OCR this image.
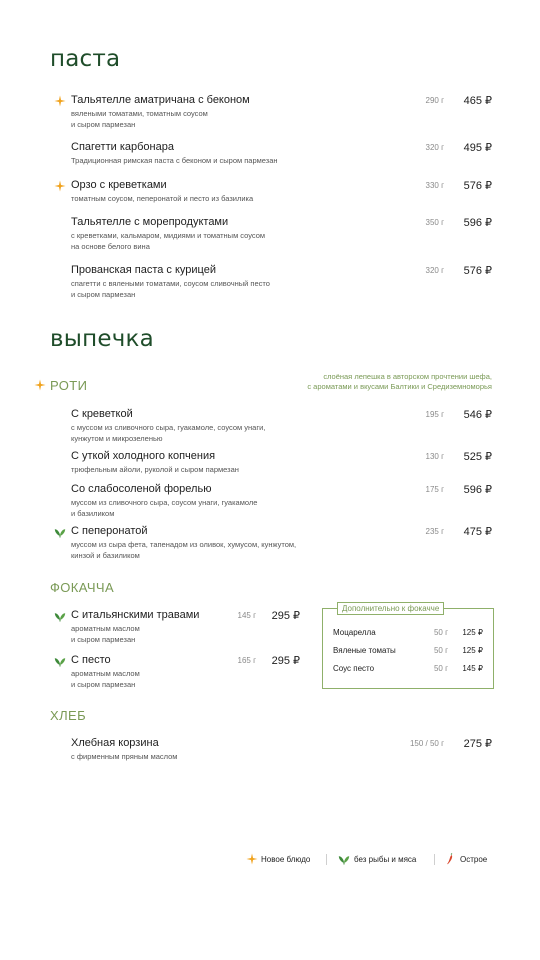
паста
Тальятелле аматричана с беконом
вялеными томатами, томатным соусом
и сыром пармезан
290 г 465 ₽
Спагетти карбонара
Традиционная римская паста с беконом и сыром пармезан
320 г 495 ₽
Орзо с креветками
томатным соусом, пеперонатой и песто из базилика
330 г 576 ₽
Тальятелле с морепродуктами
с креветками, кальмаром, мидиями и томатным соусом
на основе белого вина
350 г 596 ₽
Прованская паста с курицей
спагетти с вялеными томатами, соусом сливочный песто
и сыром пармезан
320 г 576 ₽
выпечка
РОТИ
слоёная лепешка в авторском прочтении шефа,
с ароматами и вкусами Балтики и Средиземноморья
С креветкой
с муссом из сливочного сыра, гуакамоле, соусом унаги,
кунжутом и микрозеленью
195 г 546 ₽
С уткой холодного копчения
трюфельным айоли, руколой и сыром пармезан
130 г 525 ₽
Со слабосоленой форелью
муссом из сливочного сыра, соусом унаги, гуакамоле
и базиликом
175 г 596 ₽
С пеперонатой
муссом из сыра фета, тапенадом из оливок, хумусом, кунжутом,
кинзой и базиликом
235 г 475 ₽
ФОКАЧЧА
С итальянскими травами
ароматным маслом
и сыром пармезан
145 г 295 ₽
С песто
ароматным маслом
и сыром пармезан
165 г 295 ₽
Дополнительно к фокачче
Моцарелла	50 г 125 ₽
Вяленые томаты	50 г 125 ₽
Соус песто	50 г 145 ₽
ХЛЕБ
Хлебная корзина
с фирменным пряным маслом
150 / 50 г 275 ₽
Новое блюдо	без рыбы и мяса	Острое
